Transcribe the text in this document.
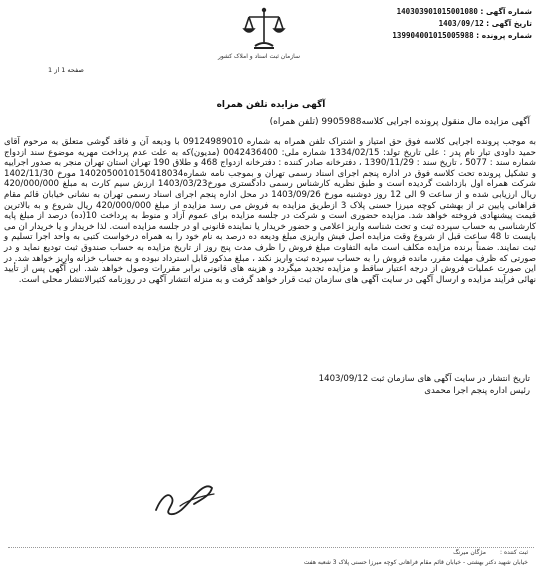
شماره آگهی : 140303901015001080
تاریخ آگهی : 1403/09/12
شماره پرونده : 139904001015005988
سازمان ثبت اسناد و املاک کشور
صفحه 1 از 1
آگهی مزایده تلفن همراه
آگهی مزایده مال منقول پرونده اجرایی کلاسه9905988 (تلفن همراه)

به موجب پرونده اجرایی کلاسه فوق حق امتیاز و اشتراک تلفن همراه به شماره 09124989010 با ودیعه آن و فاقد گوشی متعلق به مرحوم آقای حمید داودی تبار نام پدر : علی تاریخ تولد: 1334/02/15 شماره ملی: 0042436400 (مدیون)که به علت عدم پرداخت مهریه موضوع سند ازدواج شماره سند : 5077 ، تاریخ سند : 1390/11/29 ، دفترخانه صادر کننده : دفترخانه ازدواج 468 و طلاق 190 تهران استان تهران منجر به صدور اجراییه و تشکیل پرونده تحت کلاسه فوق در اداره پنجم اجرای اسناد رسمی تهران و بموجب نامه شماره1402050010150418034 مورخ 1402/11/30 شرکت همراه اول بازداشت گردیده است و طبق نظریه کارشناس رسمی دادگستری مورخ1403/03/23 ارزش سیم کارت به مبلغ 420/000/000 ریال ارزیابی شده و از ساعت 9 الی 12 روز دوشنبه مورخ 1403/09/26 در محل اداره پنجم اجرای اسناد رسمی تهران به نشانی خیابان قائم مقام فراهانی پایین تر از بهشتی کوچه میرزا حسنی پلاک 3 ازطریق مزایده به فروش می رسد مزایده از مبلغ 420/000/000 ریال شروع و به بالاترین قیمت پیشنهادی فروخته خواهد شد. مزایده حضوری است و شرکت در جلسه مزایده برای عموم آزاد و منوط به پرداخت 10(ده) درصد از مبلغ پایه کارشناسی به حساب سپرده ثبت و تحت شناسه واریز اعلامی و حضور خریدار یا نماینده قانونی او در جلسه مزایده است. لذا خریدار و یا خریدار ان می بایست تا 48 ساعت قبل از شروع وقت مزایده اصل فیش واریزی مبلغ ودیعه ده درصد به نام خود را به همراه درخواست کتبی به واحد اجرا تسلیم و ثبت نمایند. ضمناً برنده مزایده مکلف است مابه التفاوت مبلغ فروش را ظرف مدت پنج روز از تاریخ مزایده به حساب صندوق ثبت تودیع نماید و در صورتی که ظرف مهلت مقرر، مانده فروش را به حساب سپرده ثبت واریز نکند ، مبلغ مذکور قابل استرداد نبوده و به حساب خزانه واریز خواهد شد. در این صورت عملیات فروش از درجه اعتبار ساقط و مزایده تجدید میگردد و هزینه های قانونی برابر مقررات وصول خواهد شد. این آگهی پس از تأیید نهائی فرآیند مزایده و ارسال آگهی در سایت آگهی های سازمان ثبت قرار خواهد گرفت و به منزله انتشار آگهی در روزنامه کثیرالانتشار محلی است.

تاریخ انتشار در سایت آگهی های سازمان ثبت 1403/09/12
رئیس اداره پنجم اجرا محمدی
ثبت کننده :مژگان میرنگ
خیابان شهید دکتر بهشتی - خیابان قائم مقام فراهانی کوچه میرزا حسنی پلاک 3 شعبه هفت
